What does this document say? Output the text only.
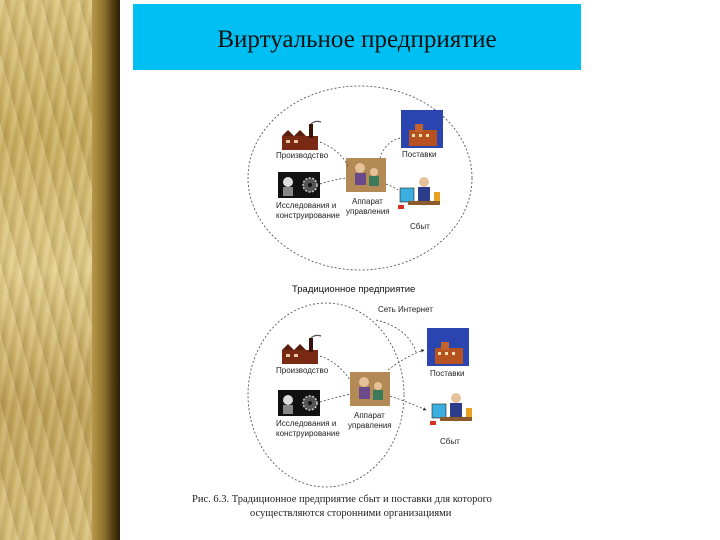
Виртуальное предприятие
Производство	Поставки
Исследования и
конструирование
Аппарат
управления
Сбыт
Традиционное предприятие
Сеть Интернет
Производство	Поставки
Исследования и
конструирование
Аппарат
управления
Сбыт
Рис. 6.3. Традиционное предприятие сбыт и поставки для которого
осуществляются сторонними организациями
